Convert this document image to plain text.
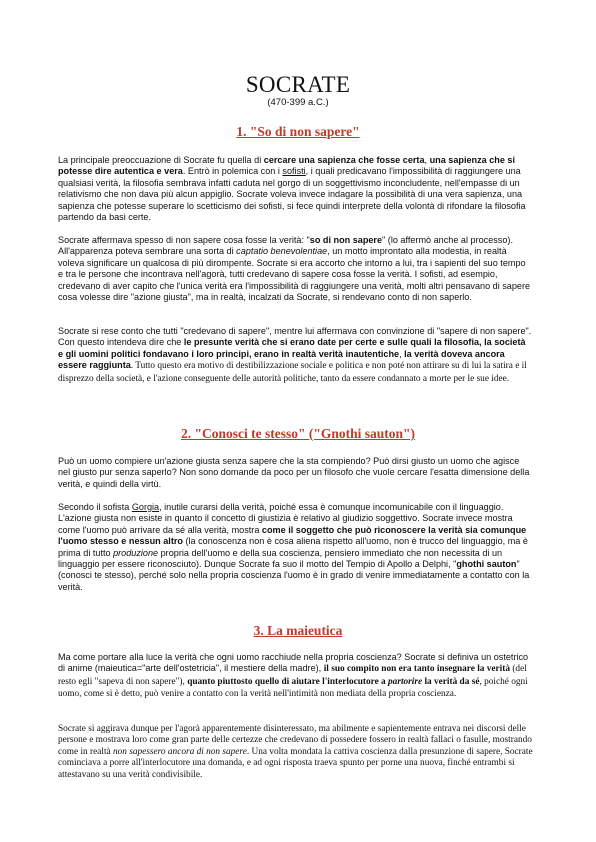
SOCRATE
(470-399 a.C.)
1. "So di non sapere"
La principale preoccuazione di Socrate fu quella di cercare una sapienza che fosse certa, una sapienza che si potesse dire autentica e vera. Entrò in polemica con i sofisti, i quali predicavano l'impossibilità di raggiungere una qualsiasi verità, la filosofia sembrava infatti caduta nel gorgo di un soggettivismo inconcludente, nell'empasse di un relativismo che non dava più alcun appiglio. Socrate voleva invece indagare la possibilità di una vera sapienza, una sapienza che potesse superare lo scetticismo dei sofisti, si fece quindi interprete della volontà di rifondare la filosofia partendo da basi certe.
Socrate affermava spesso di non sapere cosa fosse la verità: "so di non sapere" (lo affermò anche al processo). All'apparenza poteva sembrare una sorta di captatio benevolentiae, un motto improntato alla modestia, in realtà voleva significare un qualcosa di più dirompente. Socrate si era accorto che intorno a lui, tra i sapienti del suo tempo e tra le persone che incontrava nell'agorà, tutti credevano di sapere cosa fosse la verità. I sofisti, ad esempio, credevano di aver capito che l'unica verità era l'impossibilità di raggiungere una verità, molti altri pensavano di sapere cosa volesse dire "azione giusta", ma in realtà, incalzati da Socrate, si rendevano conto di non saperlo.
Socrate si rese conto che tutti "credevano di sapere", mentre lui affermava con convinzione di "sapere di non sapere". Con questo intendeva dire che le presunte verità che si erano date per certe e sulle quali la filosofia, la società e gli uomini politici fondavano i loro principi, erano in realtà verità inautentiche, la verità doveva ancora essere raggiunta. Tutto questo era motivo di destibilizzazione sociale e politica e non poté non attirare su di lui la satira e il disprezzo della società, e l'azione conseguente delle autorità politiche, tanto da essere condannato a morte per le sue idee.
2. "Conosci te stesso" ("Gnothi sauton")
Può un uomo compiere un'azione giusta senza sapere che la sta compiendo? Può dirsi giusto un uomo che agisce nel giusto pur senza saperlo? Non sono domande da poco per un filosofo che vuole cercare l'esatta dimensione della verità, e quindi della virtù.
Secondo il sofista Gorgia, inutile curarsi della verità, poiché essa è comunque incomunicabile con il linguaggio. L'azione giusta non esiste in quanto il concetto di giustizia è relativo al giudizio soggettivo. Socrate invece mostra come l'uomo può arrivare da sé alla verità, mostra come il soggetto che può riconoscere la verità sia comunque l'uomo stesso e nessun altro (la conoscenza non è cosa aliena rispetto all'uomo, non è trucco del linguaggio, ma è prima di tutto produzione propria dell'uomo e della sua coscienza, pensiero immediato che non necessita di un linguaggio per essere riconosciuto). Dunque Socrate fa suo il motto del Tempio di Apollo a Delphi, "ghothi sauton" (conosci te stesso), perché solo nella propria coscienza l'uomo è in grado di venire immediatamente a contatto con la verità.
3. La maieutica
Ma come portare alla luce la verità che ogni uomo racchiude nella propria coscienza? Socrate si definiva un ostetrico di anime (maieutica="arte dell'ostetricia", il mestiere della madre), il suo compito non era tanto insegnare la verità (del resto egli "sapeva di non sapere"), quanto piuttosto quello di aiutare l'interlocutore a partorire la verità da sé, poiché ogni uomo, come si è detto, può venire a contatto con la verità nell'intimità non mediata della propria coscienza.
Socrate si aggirava dunque per l'agorà apparentemente disinteressato, ma abilmente e sapientemente entrava nei discorsi delle persone e mostrava loro come gran parte delle certezze che credevano di possedere fossero in realtà fallaci o fasulle, mostrando come in realtà non sapessero ancora di non sapere. Una volta mondata la cattiva coscienza dalla presunzione di sapere, Socrate cominciava a porre all'interlocutore una domanda, e ad ogni risposta traeva spunto per porne una nuova, finché entrambi si attestavano su una verità condivisibile.
